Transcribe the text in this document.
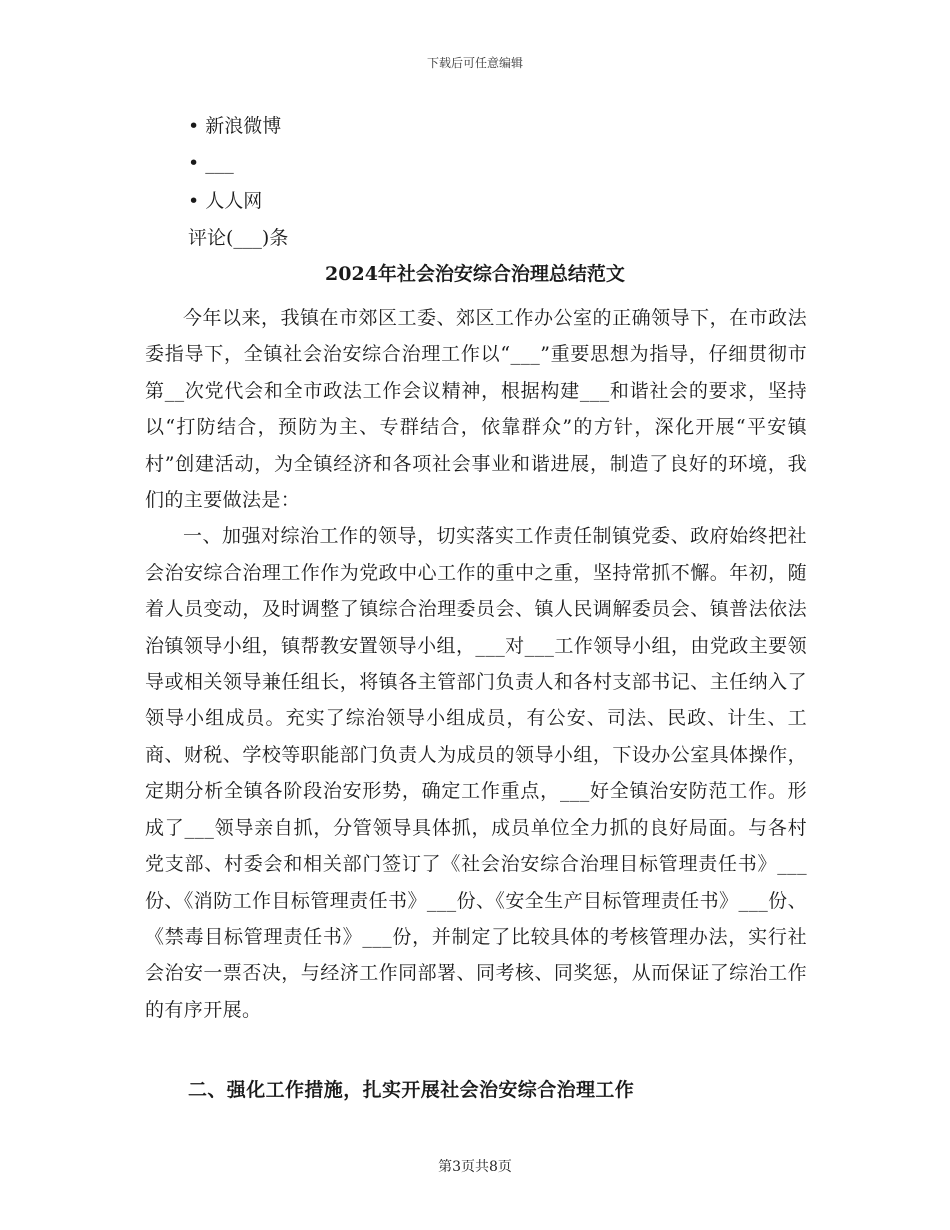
下载后可任意编辑
• 新浪微博
• ___
• 人人网
评论(___)条
2024年社会治安综合治理总结范文

今年以来，我镇在市郊区工委、郊区工作办公室的正确领导下，在市政法委指导下，全镇社会治安综合治理工作以“___”重要思想为指导，仔细贯彻市第__次党代会和全市政法工作会议精神，根据构建___和谐社会的要求，坚持以“打防结合，预防为主、专群结合，依靠群众”的方针，深化开展“平安镇村”创建活动，为全镇经济和各项社会事业和谐进展，制造了良好的环境，我们的主要做法是：

一、加强对综治工作的领导，切实落实工作责任制镇党委、政府始终把社会治安综合治理工作作为党政中心工作的重中之重，坚持常抓不懈。年初，随着人员变动，及时调整了镇综合治理委员会、镇人民调解委员会、镇普法依法治镇领导小组，镇帮教安置领导小组，___对___工作领导小组，由党政主要领导或相关领导兼任组长，将镇各主管部门负责人和各村支部书记、主任纳入了领导小组成员。充实了综治领导小组成员，有公安、司法、民政、计生、工商、财税、学校等职能部门负责人为成员的领导小组，下设办公室具体操作，定期分析全镇各阶段治安形势，确定工作重点，___好全镇治安防范工作。形成了___领导亲自抓，分管领导具体抓，成员单位全力抓的良好局面。与各村党支部、村委会和相关部门签订了《社会治安综合治理目标管理责任书》___份、《消防工作目标管理责任书》___份、《安全生产目标管理责任书》___份、《禁毒目标管理责任书》___份，并制定了比较具体的考核管理办法，实行社会治安一票否决，与经济工作同部署、同考核、同奖惩，从而保证了综治工作的有序开展。

二、强化工作措施，扎实开展社会治安综合治理工作
第3页共8页
